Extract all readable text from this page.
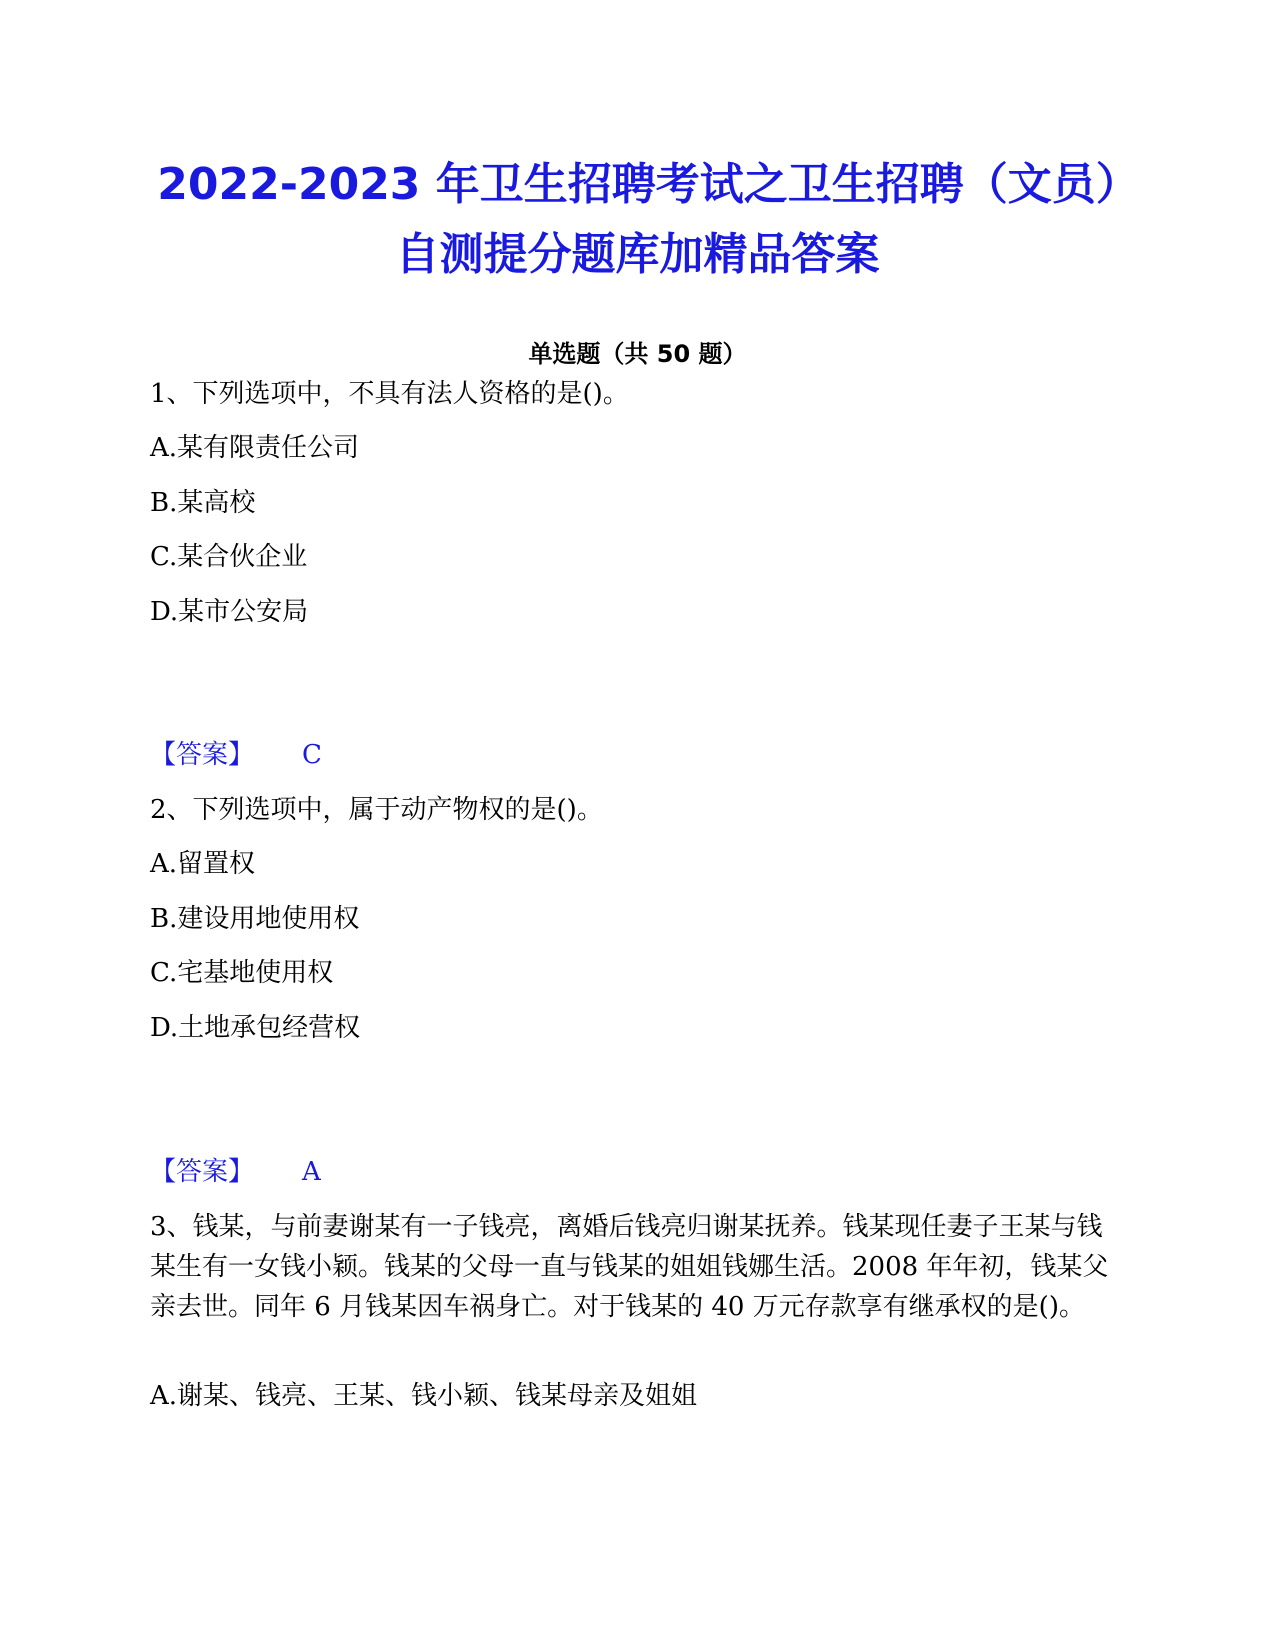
2022-2023 年卫生招聘考试之卫生招聘（文员）自测提分题库加精品答案
单选题（共 50 题）
1、下列选项中，不具有法人资格的是()。
A.某有限责任公司
B.某高校
C.某合伙企业
D.某市公安局
【答案】 C
2、下列选项中，属于动产物权的是()。
A.留置权
B.建设用地使用权
C.宅基地使用权
D.土地承包经营权
【答案】 A
3、钱某，与前妻谢某有一子钱亮，离婚后钱亮归谢某抚养。钱某现任妻子王某与钱某生有一女钱小颖。钱某的父母一直与钱某的姐姐钱娜生活。2008 年年初，钱某父亲去世。同年 6 月钱某因车祸身亡。对于钱某的 40 万元存款享有继承权的是()。
A.谢某、钱亮、王某、钱小颖、钱某母亲及姐姐
